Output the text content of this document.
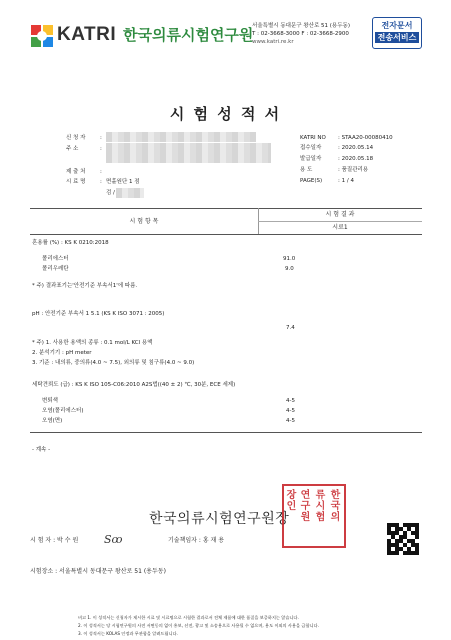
KATRI 한국의류시험연구원
서울특별시 동대문구 왕산로 51 (용두동)
T : 02-3668-3000 F : 02-3668-2900
www.katri.re.kr
전자문서
전송서비스
시 험 성 적 서
신 청 자	:
주 소	:
제 출 처	:
시 료 명	: 면홑원단 1 점
검 /
KATRI NO : STAA20-00080410
접수일자	: 2020.05.14
발급일자	: 2020.05.18
용 도	: 품질관리용
PAGE(S)	: 1 / 4
시 험 항 목
시 험 결 과
시료1
혼용률 (%) : KS K 0210:2018
폴리에스터	91.0
폴리우레탄	9.0
* 주) 결과표기는'안전기준 부속서1'에 따름.
pH : 안전기준 부속서 1 5.1 (KS K ISO 3071 : 2005)
7.4
* 주) 1. 사용한 용액의 종류 : 0.1 mol/L KCl 용액
2. 분석기기 : pH meter
3. 기준 : 내의류, 중의류(4.0 ~ 7.5), 외의류 및 침구류(4.0 ~ 9.0)
세탁견뢰도 (급) : KS K ISO 105-C06:2010 A2S법((40 ± 2) ℃, 30분, ECE 세제)
변퇴색	4-5
오염(폴리에스터)	4-5
오염(면)	4-5
- 계속 -
한국의류시험연구원장
장인
연구원
류시험
한국의
시 험 자 : 박 수 원 Sꝏ	기술책임자 : 홍 재 용
시험장소 : 서울특별시 동대문구 왕산로 51 (용두동)
비고 1. 이 성적서는 신청자가 제시한 시료 및 시료명으로 시험한 결과로서 전체 제품에 대한 품질을 보증하지는 않습니다.
2. 이 성적서는 당 시험연구원의 사전 서면동의 없이 홍보, 선전, 광고 및 소송용으로 사용될 수 없으며, 용도 이외의 사용을 금합니다.
3. 이 성적서는 KOLAS 인정과 무관함을 알려드립니다.
